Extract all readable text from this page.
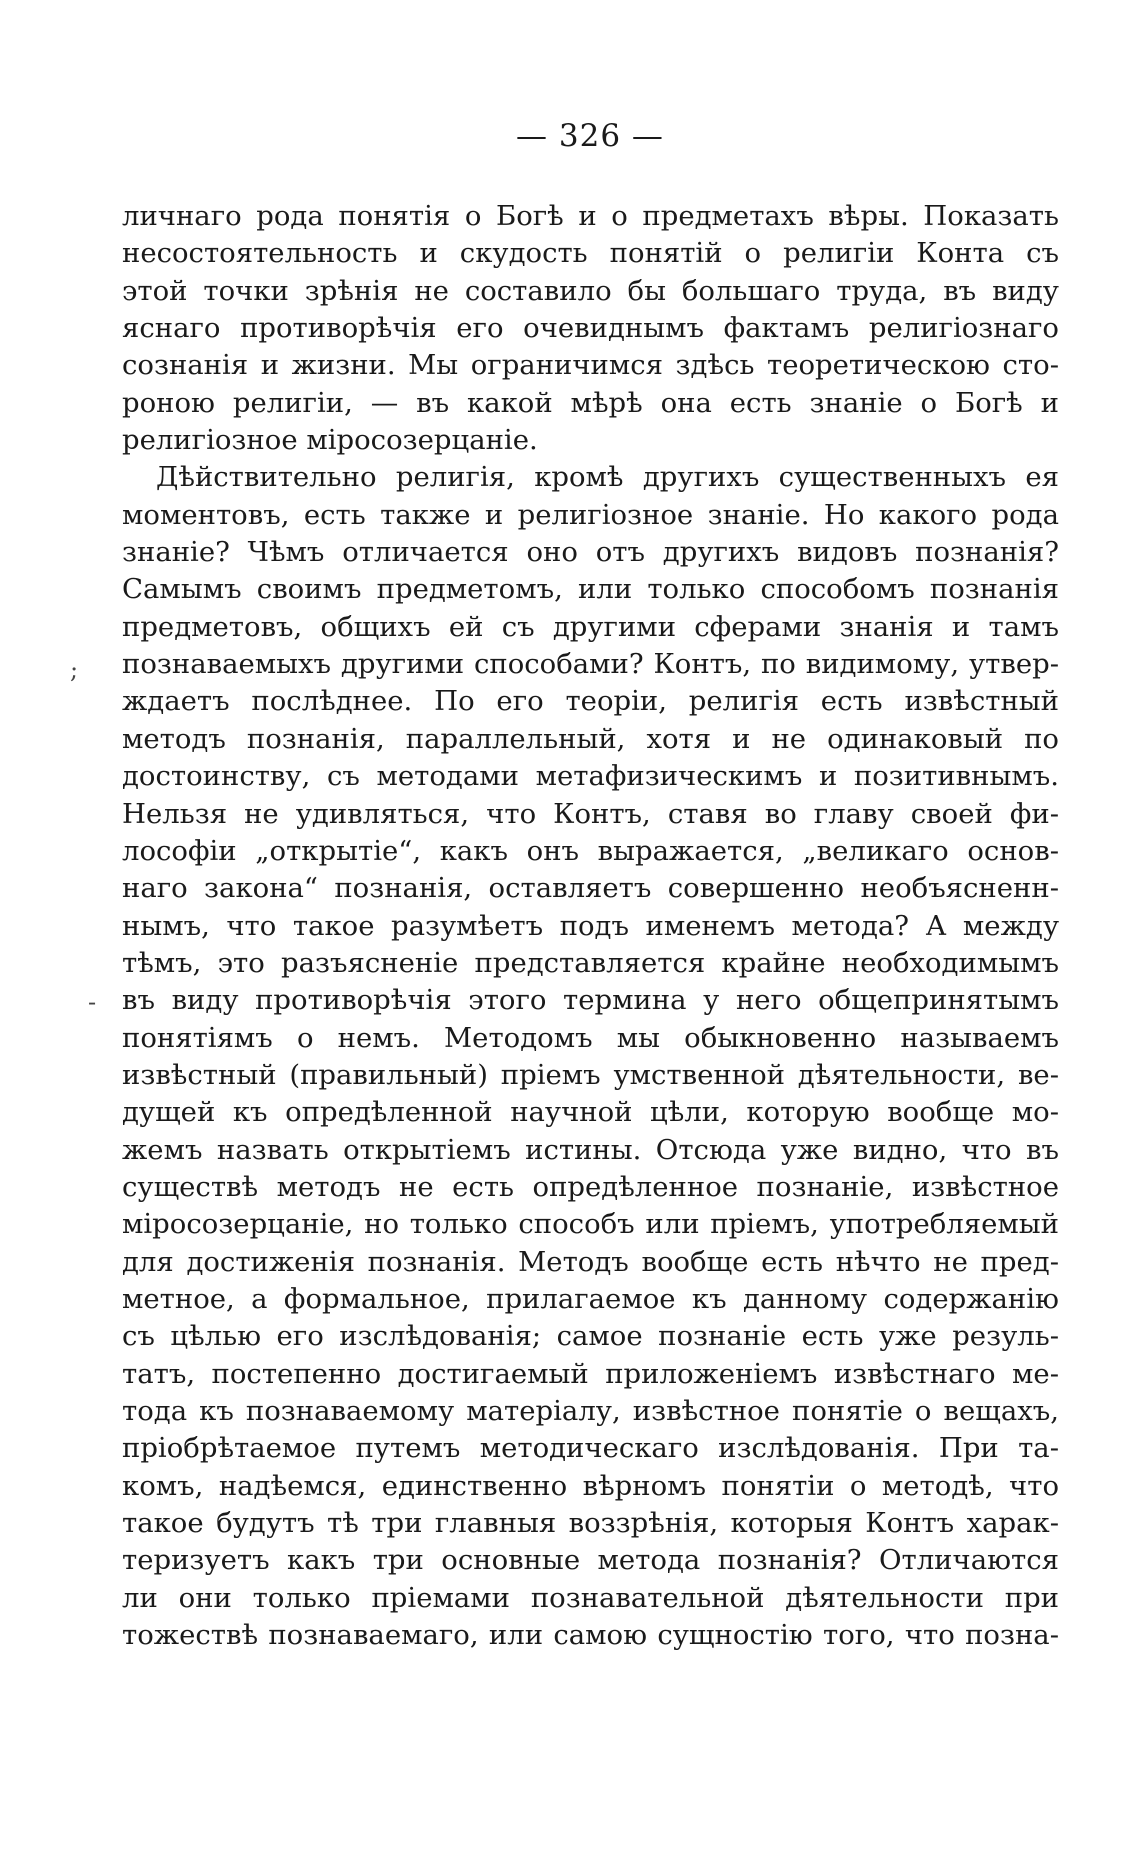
— 326 —
;
-
личнаго рода понятія о Богѣ и о предметахъ вѣры. Показать
несостоятельность и скудость понятій о религіи Конта съ
этой точки зрѣнія не составило бы большаго труда, въ виду
яснаго противорѣчія его очевиднымъ фактамъ религіознаго
сознанія и жизни. Мы ограничимся здѣсь теоретическою сто-
роною религіи, — въ какой мѣрѣ она есть знаніе о Богѣ и
религіозное міросозерцаніе.
Дѣйствительно религія, кромѣ другихъ существенныхъ ея
моментовъ, есть также и религіозное знаніе. Но какого рода
знаніе? Чѣмъ отличается оно отъ другихъ видовъ познанія?
Самымъ своимъ предметомъ, или только способомъ познанія
предметовъ, общихъ ей съ другими сферами знанія и тамъ
познаваемыхъ другими способами? Контъ, по видимому, утвер-
ждаетъ послѣднее. По его теоріи, религія есть извѣстный
методъ познанія, параллельный, хотя и не одинаковый по
достоинству, съ методами метафизическимъ и позитивнымъ.
Нельзя не удивляться, что Контъ, ставя во главу своей фи-
лософіи „открытіе“, какъ онъ выражается, „великаго основ-
наго закона“ познанія, оставляетъ совершенно необъясненн-
нымъ, что такое разумѣетъ подъ именемъ метода? А между
тѣмъ, это разъясненіе представляется крайне необходимымъ
въ виду противорѣчія этого термина у него общепринятымъ
понятіямъ о немъ. Методомъ мы обыкновенно называемъ
извѣстный (правильный) пріемъ умственной дѣятельности, ве-
дущей къ опредѣленной научной цѣли, которую вообще мо-
жемъ назвать открытіемъ истины. Отсюда уже видно, что въ
существѣ методъ не есть опредѣленное познаніе, извѣстное
міросозерцаніе, но только способъ или пріемъ, употребляемый
для достиженія познанія. Методъ вообще есть нѣчто не пред-
метное, а формальное, прилагаемое къ данному содержанію
съ цѣлью его изслѣдованія; самое познаніе есть уже резуль-
татъ, постепенно достигаемый приложеніемъ извѣстнаго ме-
тода къ познаваемому матеріалу, извѣстное понятіе о вещахъ,
пріобрѣтаемое путемъ методическаго изслѣдованія. При та-
комъ, надѣемся, единственно вѣрномъ понятіи о методѣ, что
такое будутъ тѣ три главныя воззрѣнія, которыя Контъ харак-
теризуетъ какъ три основные метода познанія? Отличаются
ли они только пріемами познавательной дѣятельности при
тожествѣ познаваемаго, или самою сущностію того, что позна-
